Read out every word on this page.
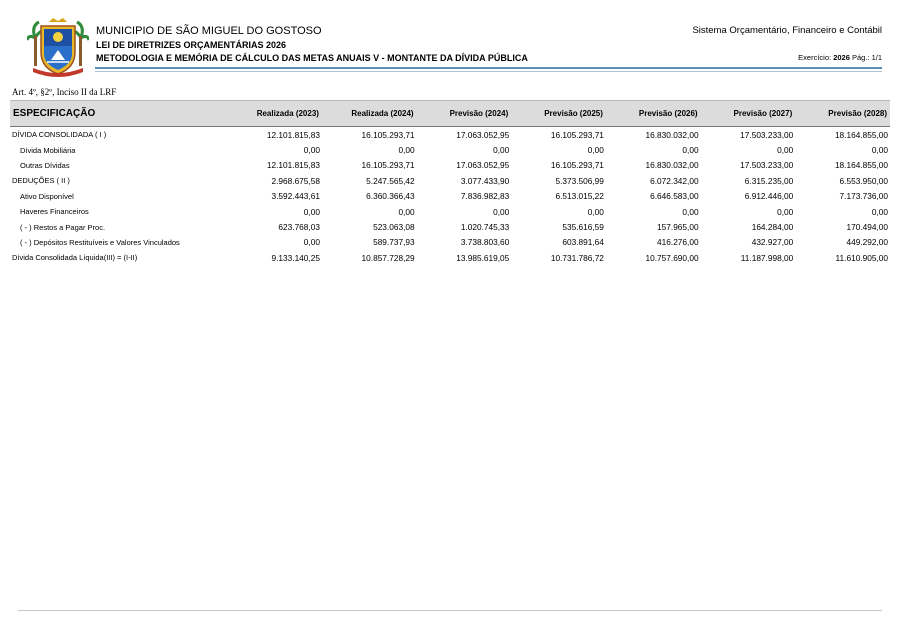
MUNICIPIO DE SÃO MIGUEL DO GOSTOSO
LEI DE DIRETRIZES ORÇAMENTÁRIAS 2026
METODOLOGIA E MEMÓRIA DE CÁLCULO DAS METAS ANUAIS V - MONTANTE DA DÍVIDA PÚBLICA
Sistema Orçamentário, Financeiro e Contábil
Exercício: 2026 Pág.: 1/1
Art. 4º, §2º, Inciso II da LRF
ESPECIFICAÇÃO	Realizada (2023)	Realizada (2024)	Previsão (2024)	Previsão (2025)	Previsão (2026)	Previsão (2027)	Previsão (2028)
DÍVIDA CONSOLIDADA ( I )	12.101.815,83	16.105.293,71	17.063.052,95	16.105.293,71	16.830.032,00	17.503.233,00	18.164.855,00
Dívida Mobiliária	0,00	0,00	0,00	0,00	0,00	0,00	0,00
Outras Dívidas	12.101.815,83	16.105.293,71	17.063.052,95	16.105.293,71	16.830.032,00	17.503.233,00	18.164.855,00
DEDUÇÕES ( II )	2.968.675,58	5.247.565,42	3.077.433,90	5.373.506,99	6.072.342,00	6.315.235,00	6.553.950,00
Ativo Disponível	3.592.443,61	6.360.366,43	7.836.982,83	6.513.015,22	6.646.583,00	6.912.446,00	7.173.736,00
Haveres Financeiros	0,00	0,00	0,00	0,00	0,00	0,00	0,00
( - ) Restos a Pagar Proc.	623.768,03	523.063,08	1.020.745,33	535.616,59	157.965,00	164.284,00	170.494,00
( - ) Depósitos Restituíveis e Valores Vinculados	0,00	589.737,93	3.738.803,60	603.891,64	416.276,00	432.927,00	449.292,00
Dívida Consolidada Líquida(III) = (I-II)	9.133.140,25	10.857.728,29	13.985.619,05	10.731.786,72	10.757.690,00	11.187.998,00	11.610.905,00
